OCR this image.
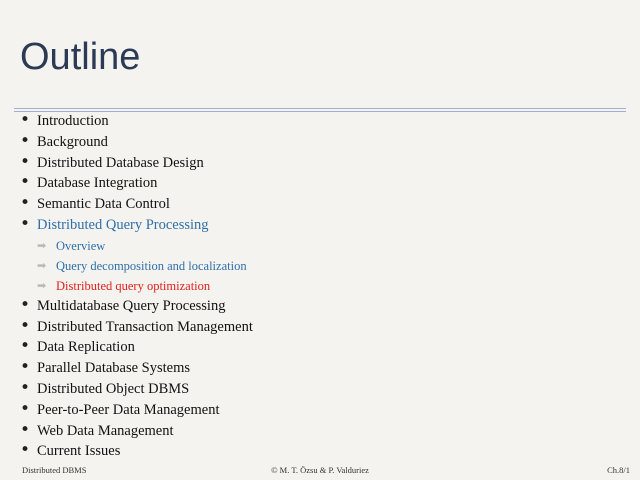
Outline
• Introduction
• Background
• Distributed Database Design
• Database Integration
• Semantic Data Control
• Distributed Query Processing
➡ Overview
➡ Query decomposition and localization
➡ Distributed query optimization
• Multidatabase Query Processing
• Distributed Transaction Management
• Data Replication
• Parallel Database Systems
• Distributed Object DBMS
• Peer-to-Peer Data Management
• Web Data Management
• Current Issues
Distributed DBMS	© M. T. Özsu & P. Valduriez	Ch.8/1
